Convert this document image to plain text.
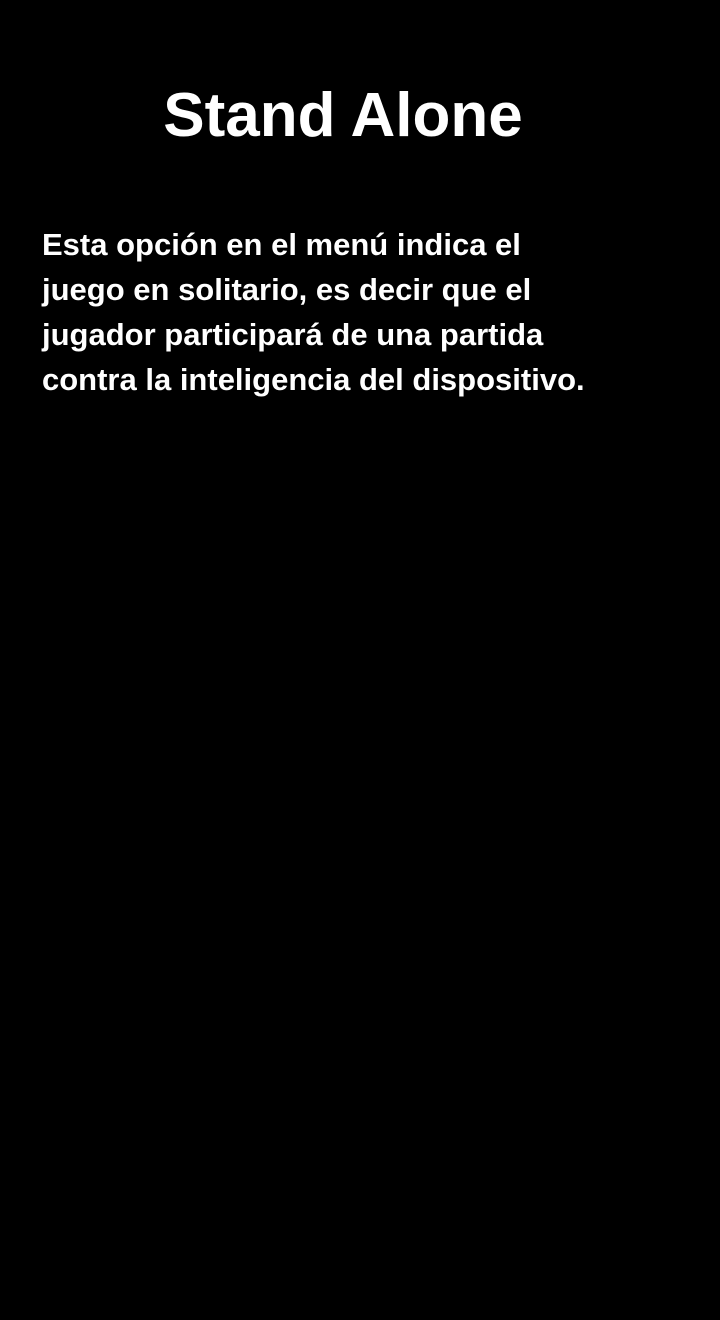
Stand Alone

Esta opción en el menú indica el
juego en solitario, es decir que el
jugador participará de una partida
contra la inteligencia del dispositivo.
